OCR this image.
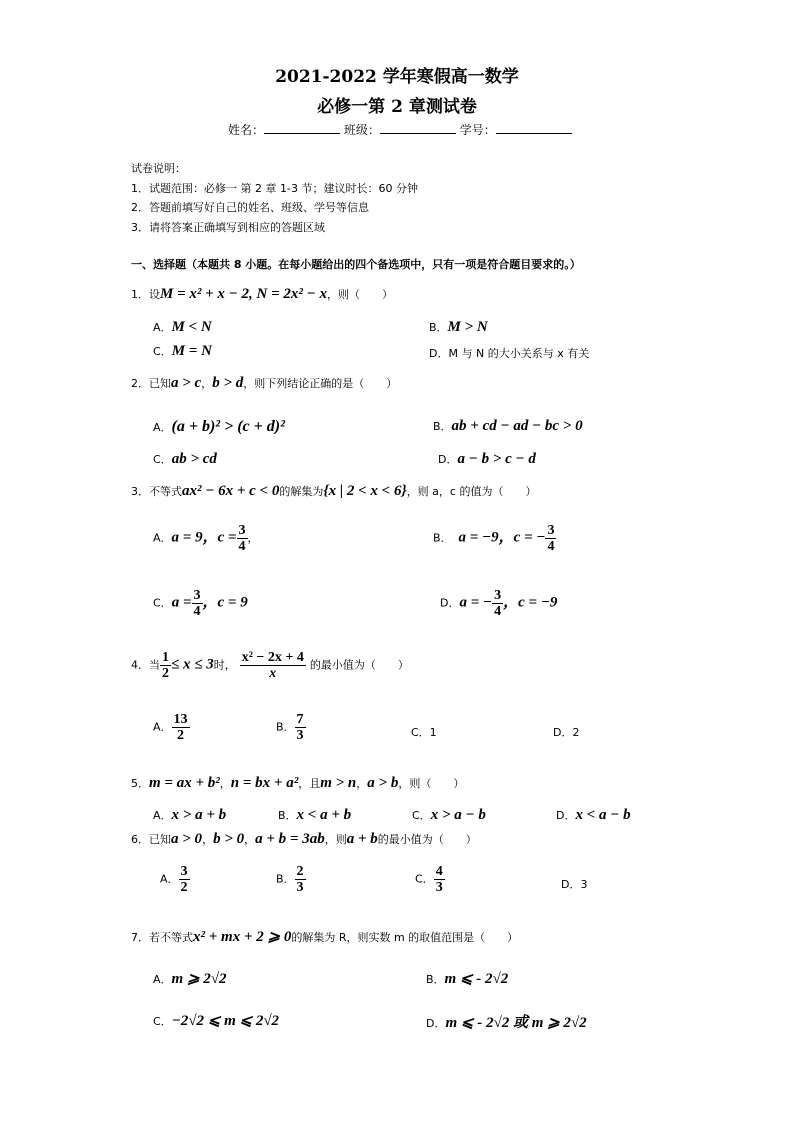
2021-2022 学年寒假高一数学
必修一第 2 章测试卷
姓名：	班级：	学号：
试卷说明：
1．试题范围：必修一 第 2 章 1-3 节；建议时长：60 分钟
2．答题前填写好自己的姓名、班级、学号等信息
3．请将答案正确填写到相应的答题区域
一、选择题（本题共 8 小题。在每小题给出的四个备选项中，只有一项是符合题目要求的。）
1．设M = x² + x − 2, N = 2x² − x，则（　　）
A．M < N	B．M > N
C．M = N	D．M 与 N 的大小关系与 x 有关
2．已知a > c，b > d，则下列结论正确的是（　　）
A．(a + b)² > (c + d)²	B．ab + cd − ad − bc > 0
C．ab > cd	D．a − b > c − d
3．不等式ax² − 6x + c < 0的解集为{x | 2 < x < 6}，则 a，c 的值为（　　）
A．a = 9，$c = \frac{3}{4}$ ，	B． a = −9，c = − $\frac{3}{4}$
C．$a = \frac{3}{4}$ ，c = 9	D．a = − $\frac{3}{4}$ ，c = −9
4．当 $\frac{1}{2} \le x \le 3$时， $\frac{\text{x² − 2x + 4}}{x}$ 的最小值为（　　）
A． $\frac{13}{2}$	B． $\frac{7}{3}$	C．1	D．2
5．m = ax + b²，n = bx + a²，且m > n，a > b，则（　　）
A．x > a + b	B．x < a + b	C．x > a − b	D．x < a − b
6．已知a > 0，b > 0，a + b = 3ab，则a + b的最小值为（　　）
A． $\frac{3}{2}$	B． $\frac{2}{3}$	C． $\frac{4}{3}$	D．3
7．若不等式x² + mx + 2 ⩾ 0的解集为 R，则实数 m 的取值范围是（　　）
A．m ⩾ 2√2	B．m ⩽ - 2√2
C．−2√2 ⩽ m ⩽ 2√2	D．m ⩽ - 2√2 或 m ⩾ 2√2
